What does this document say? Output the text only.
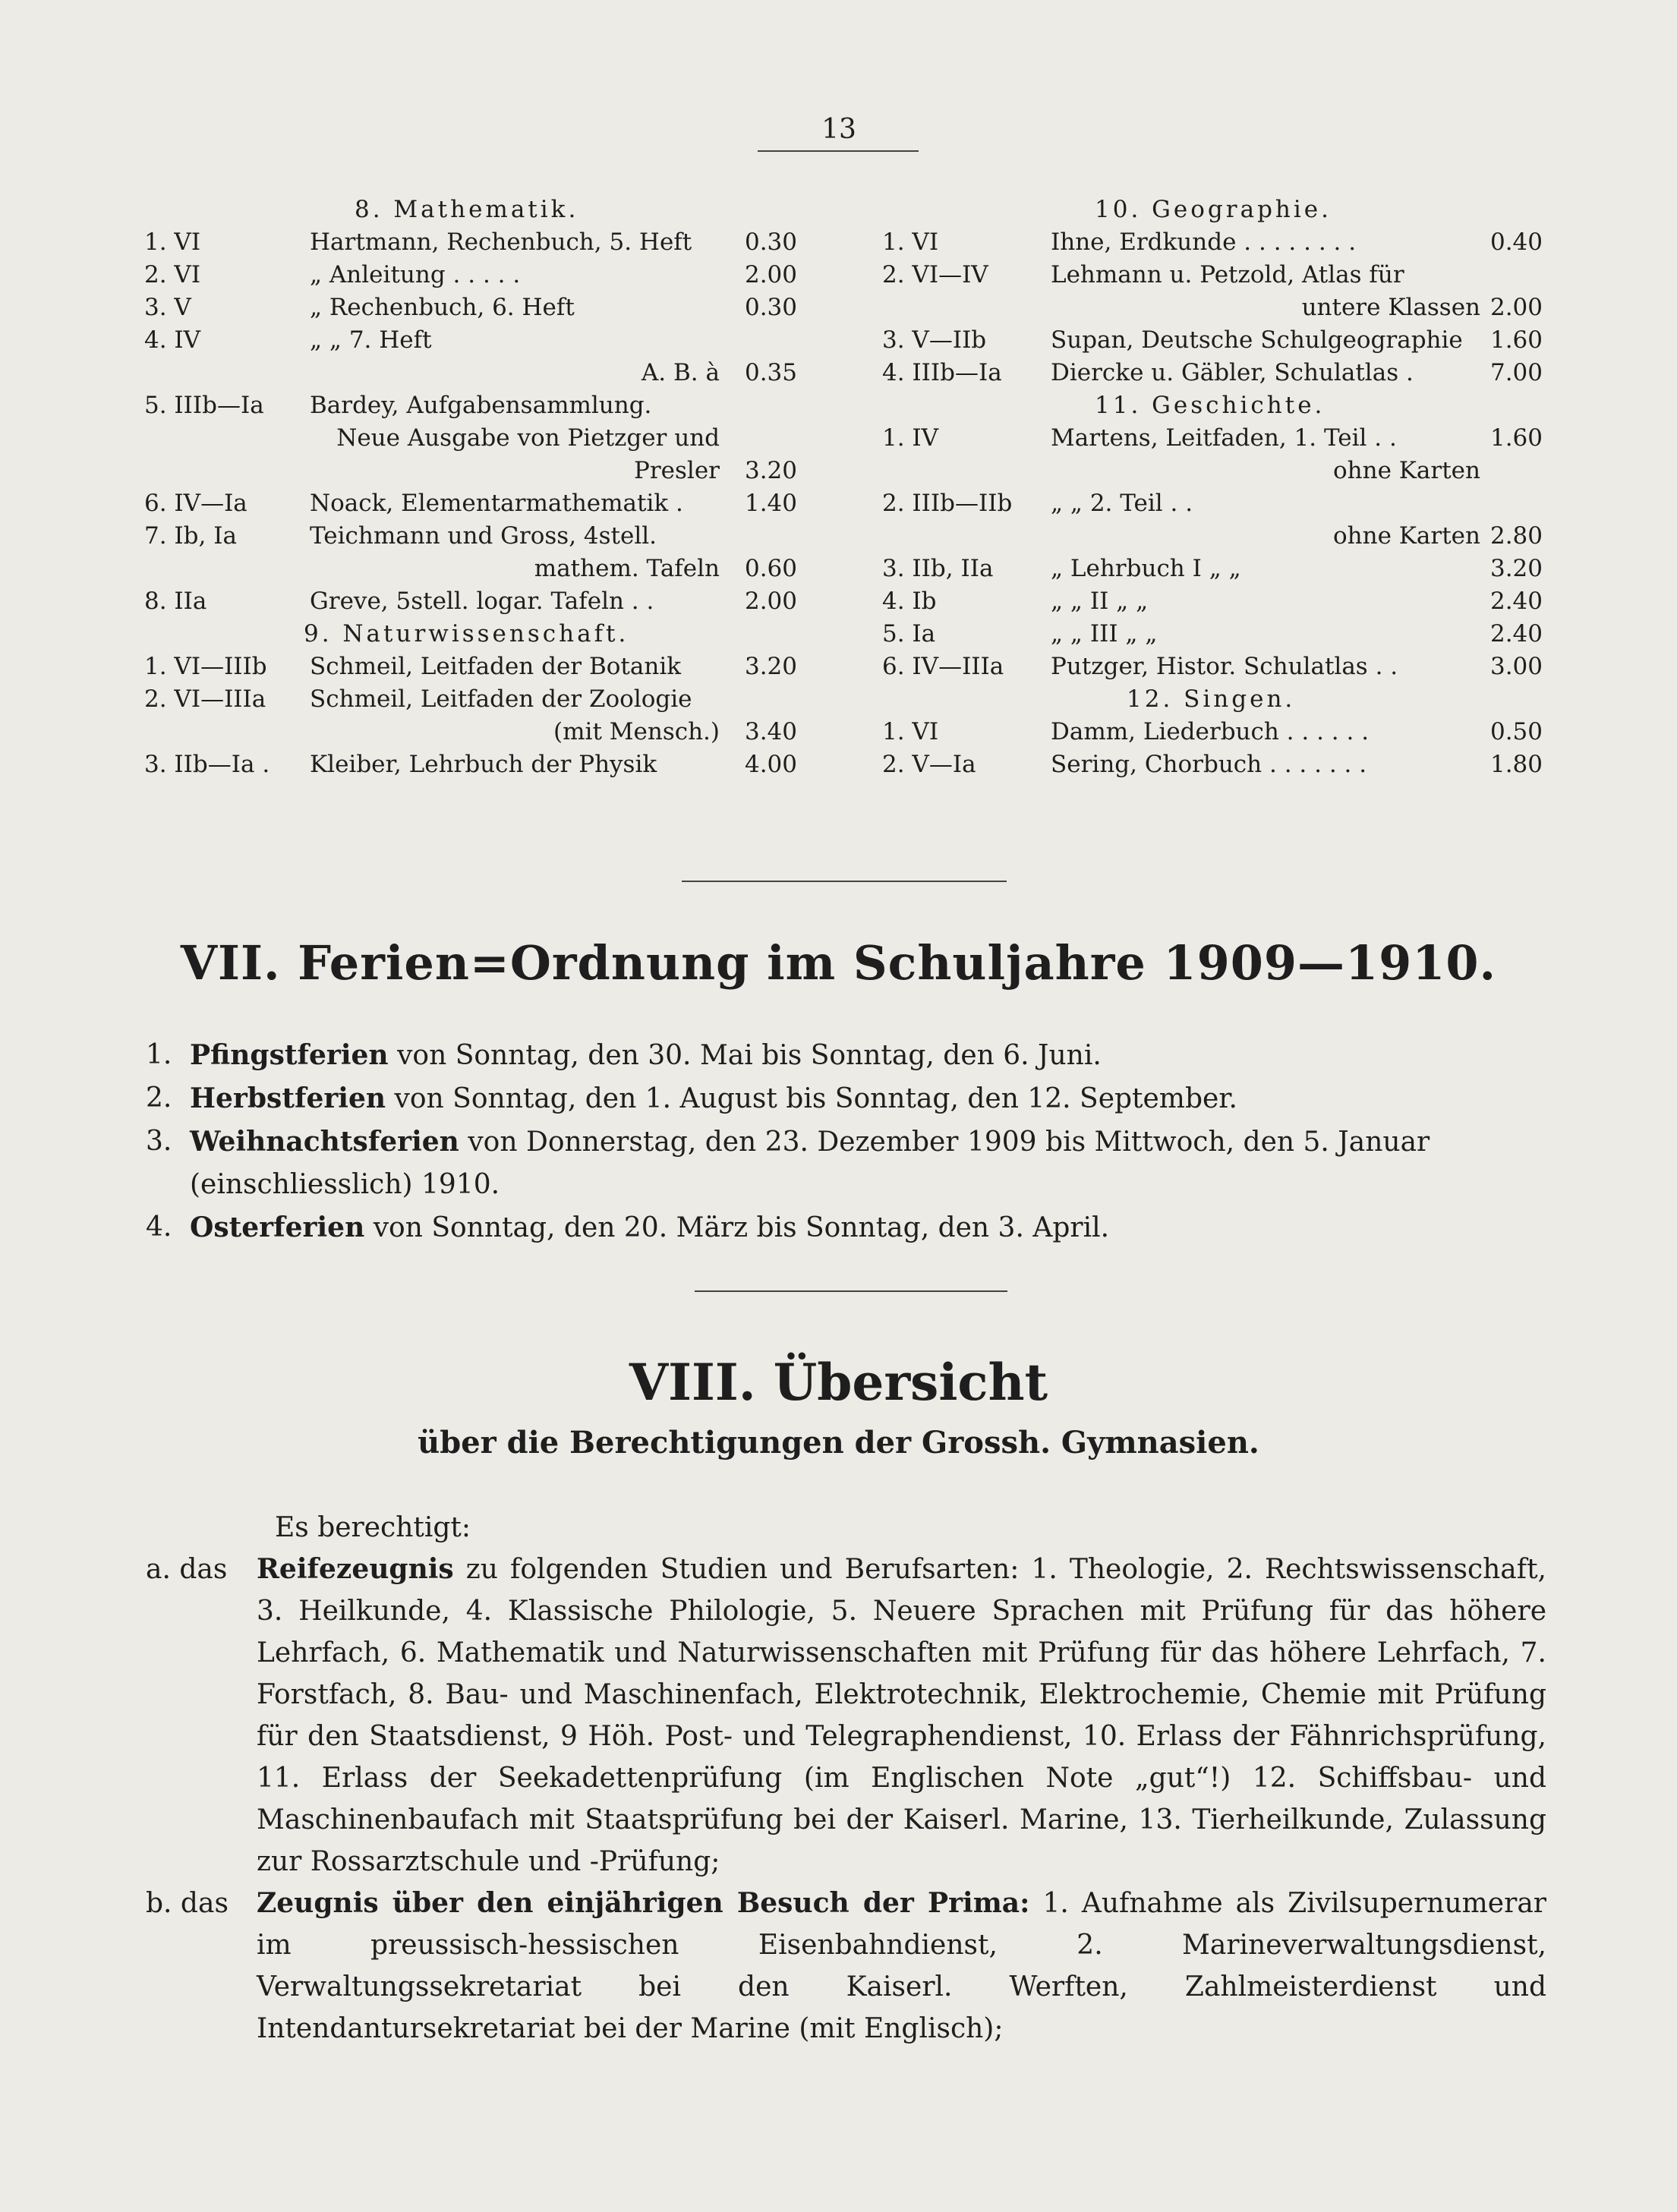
13
8. Mathematik.
1. VI	Hartmann, Rechenbuch, 5. Heft	0.30
2. VI	„ Anleitung . . . . .	2.00
3. V	„ Rechenbuch, 6. Heft	0.30
4. IV	„ „ 7. Heft
A. B. à	0.35
5. IIIb—Ia Bardey, Aufgabensammlung.
Neue Ausgabe von Pietzger und
Presler	3.20
6. IV—Ia	Noack, Elementarmathematik .	1.40
7. Ib, Ia	Teichmann und Gross, 4stell.
mathem. Tafeln	0.60
8. IIa	Greve, 5stell. logar. Tafeln . .	2.00
9. Naturwissenschaft.
1. VI—IIIb Schmeil, Leitfaden der Botanik	3.20
2. VI—IIIa Schmeil, Leitfaden der Zoologie
(mit Mensch.)	3.40
3. IIb—Ia . Kleiber, Lehrbuch der Physik	4.00
10. Geographie.
1. VI	Ihne, Erdkunde . . . . . . . .	0.40
2. VI—IV	Lehmann u. Petzold, Atlas für
untere Klassen 2.00
3. V—IIb	Supan, Deutsche Schulgeographie	1.60
4. IIIb—Ia Diercke u. Gäbler, Schulatlas .	7.00
11. Geschichte.
1. IV	Martens, Leitfaden, 1. Teil . .	1.60
ohne Karten
2. IIIb—IIb „ „ 2. Teil . .
ohne Karten 2.80
3. IIb, IIa „ Lehrbuch I „ „	3.20
4. Ib	„ „ II „ „	2.40
5. Ia	„ „ III „ „	2.40
6. IV—IIIa Putzger, Histor. Schulatlas . .	3.00
12. Singen.
1. VI	Damm, Liederbuch . . . . . .	0.50
2. V—Ia	Sering, Chorbuch . . . . . . .	1.80
VII. Ferien=Ordnung im Schuljahre 1909—1910.
1. Pfingstferien von Sonntag, den 30. Mai bis Sonntag, den 6. Juni.
2. Herbstferien von Sonntag, den 1. August bis Sonntag, den 12. September.
3. Weihnachtsferien von Donnerstag, den 23. Dezember 1909 bis Mittwoch, den 5. Januar (einschliesslich) 1910.
4. Osterferien von Sonntag, den 20. März bis Sonntag, den 3. April.
VIII. Übersicht
über die Berechtigungen der Grossh. Gymnasien.
Es berechtigt:
a. das Reifezeugnis zu folgenden Studien und Berufsarten: 1. Theologie, 2. Rechtswissenschaft, 3. Heilkunde, 4. Klassische Philologie, 5. Neuere Sprachen mit Prüfung für das höhere Lehrfach, 6. Mathematik und Naturwissenschaften mit Prüfung für das höhere Lehrfach, 7. Forstfach, 8. Bau- und Maschinenfach, Elektrotechnik, Elektrochemie, Chemie mit Prüfung für den Staatsdienst, 9 Höh. Post- und Telegraphendienst, 10. Erlass der Fähnrichsprüfung, 11. Erlass der Seekadettenprüfung (im Englischen Note „gut“!) 12. Schiffsbau- und Maschinenbaufach mit Staatsprüfung bei der Kaiserl. Marine, 13. Tierheilkunde, Zulassung zur Rossarztschule und -Prüfung;
b. das Zeugnis über den einjährigen Besuch der Prima: 1. Aufnahme als Zivilsupernumerar im preussisch-hessischen Eisenbahndienst, 2. Marineverwaltungsdienst, Verwaltungssekretariat bei den Kaiserl. Werften, Zahlmeisterdienst und Intendantursekretariat bei der Marine (mit Englisch);
